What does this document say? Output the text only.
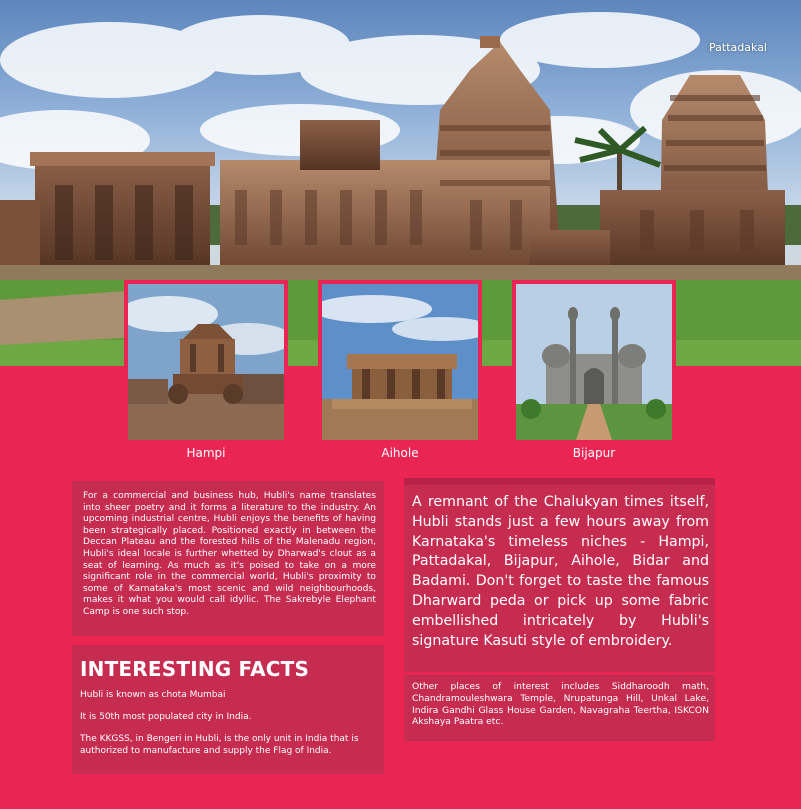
Pattadakal
Hampi	Aihole	Bijapur

For a commercial and business hub, Hubli's name translates into sheer poetry and it forms a literature to the industry. An upcoming industrial centre, Hubli enjoys the benefits of having been strategically placed. Positioned exactly in between the Deccan Plateau and the forested hills of the Malenadu region, Hubli's ideal locale is further whetted by Dharwad's clout as a seat of learning. As much as it's poised to take on a more significant role in the commercial world, Hubli's proximity to some of Karnataka's most scenic and wild neighbourhoods, makes it what you would call idyllic. The Sakrebyle Elephant Camp is one such stop.

INTERESTING FACTS

Hubli is known as chota Mumbai

It is 50th most populated city in India.

The KKGSS, in Bengeri in Hubli, is the only unit in India that is authorized to manufacture and supply the Flag of India.

A remnant of the Chalukyan times itself, Hubli stands just a few hours away from Karnataka's timeless niches - Hampi, Pattadakal, Bijapur, Aihole, Bidar and Badami. Don't forget to taste the famous Dharward peda or pick up some fabric embellished intricately by Hubli's signature Kasuti style of embroidery.

Other places of interest includes Siddharoodh math, Chandramouleshwara Temple, Nrupatunga Hill, Unkal Lake, Indira Gandhi Glass House Garden, Navagraha Teertha, ISKCON Akshaya Paatra etc.
